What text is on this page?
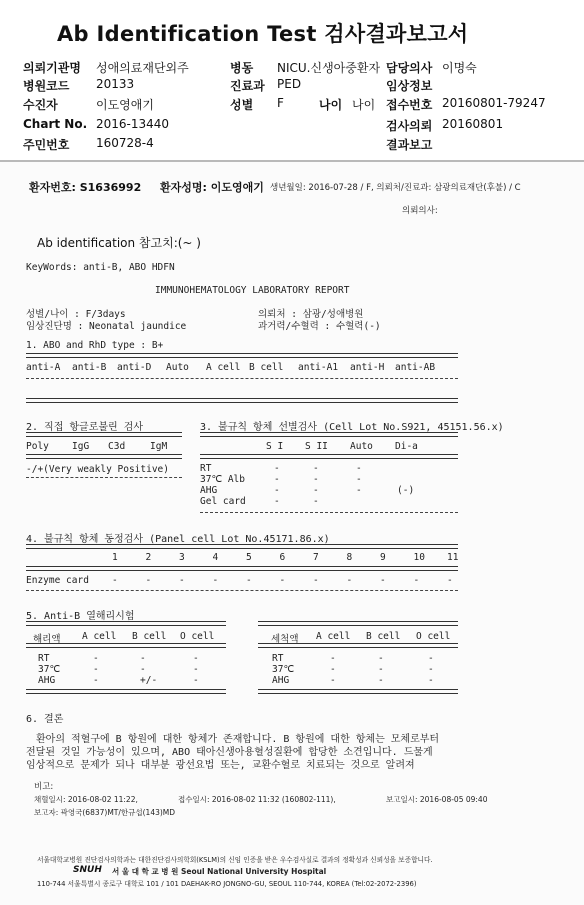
Ab Identification Test 검사결과보고서
의뢰기관명 성애의료재단외주
병원코드 20133
수진자	이도영애기
Chart No. 2016-13440
주민번호 160728-4
병동 NICU.신생아중환자
진료과 PED
성별 F
담당의사 이명숙
임상정보
접수번호 20160801-79247
검사의뢰 20160801
결과보고
나이 나이
환자번호: S1636992 환자성명: 이도영애기 생년월일: 2016-07-28 / F, 의뢰처/진료과: 삼광의료재단(후불) / C
의뢰의사:
Ab identification 참고치:(~ )
KeyWords: anti-B, ABO HDFN
IMMUNOHEMATOLOGY LABORATORY REPORT
성별/나이 : F/3days
임상진단명 : Neonatal jaundice
의뢰처 : 삼광/성애병원
과거력/수혈력 : 수혈력(-)
1. ABO and RhD type : B+
anti-A anti-B anti-D Auto A cell B cell anti-A1 anti-H anti-AB
2. 직접 항글로불린 검사
Poly IgG C3d	IgM
-/+(Very weakly Positive)
3. 불규칙 항체 선별검사 (Cell Lot No.S921, 45151.56.x)
S I S II Auto Di-a
RT	-	-	-
37℃ Alb	-	-	-
AHG	-	-	-	(-)
Gel card	-	-
4. 불규칙 항체 동정검사 (Panel cell Lot No.45171.86.x)
1	2	3	4	5	6	7	8	9	10 11
Enzyme card -	-	-	-	-	-	-	-	-	-	-
5. Anti-B 열해리시험
해리액 A cell B cell O cell	세척액 A cell B cell O cell
RT	-	-	-
37℃	-	-	-
AHG	-	+/-	-
RT	-	-	-
37℃	-	-	-
AHG	-	-	-
6. 결론
환아의 적혈구에 B 항원에 대한 항체가 존재합니다. B 항원에 대한 항체는 모체로부터
전달된 것일 가능성이 있으며, ABO 태아신생아용혈성질환에 합당한 소견입니다. 드물게
임상적으로 문제가 되나 대부분 광선요법 또는, 교환수혈로 치료되는 것으로 알려져
비고:
채혈일시: 2016-08-02 11:22,	접수일시: 2016-08-02 11:32 (160802-111),	보고일시: 2016-08-05 09:40
보고자: 곽영국(6837)MT/한규섭(143)MD
서울대학교병원 진단검사의학과는 대한진단검사의학회(KSLM)의 신임 인증을 받은 우수검사실로 결과의 정확성과 신뢰성을 보증합니다.
SNUH 서 울 대 학 교 병 원 Seoul National University Hospital
110-744 서울특별시 종로구 대학로 101 / 101 DAEHAK-RO JONGNO-GU, SEOUL 110-744, KOREA (Tel:02-2072-2396)
